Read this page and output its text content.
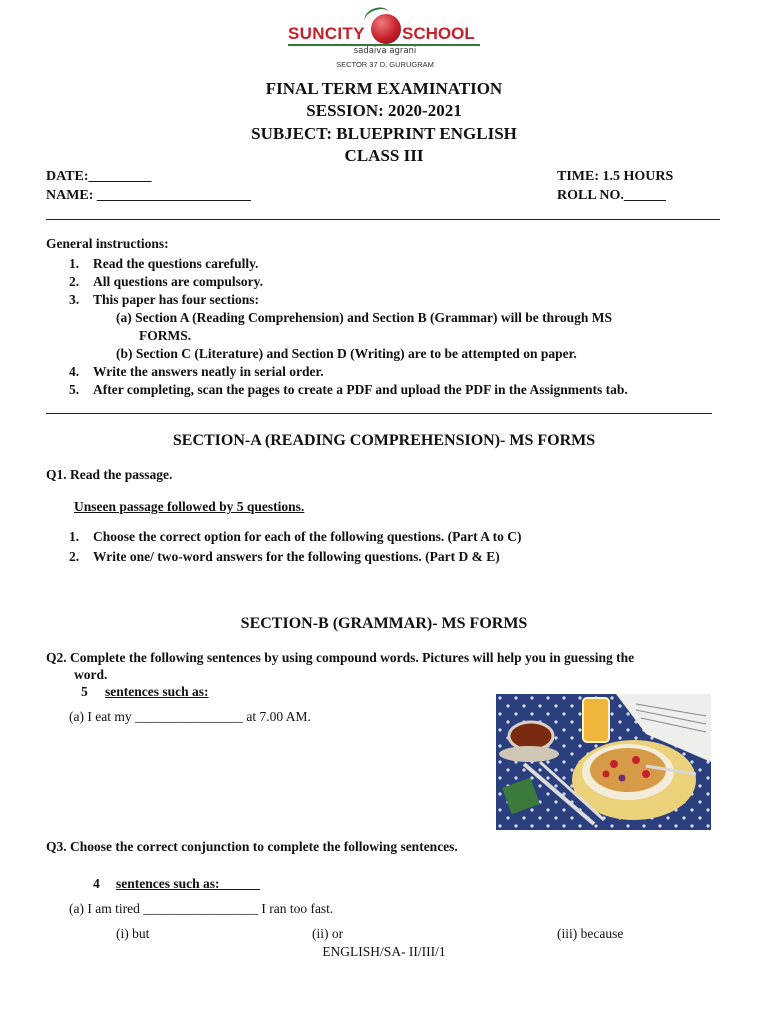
SUNCITY SCHOOL
sadaiva agrani
SECTOR 37 D, GURUGRAM
FINAL TERM EXAMINATION
SESSION: 2020-2021
SUBJECT: BLUEPRINT ENGLISH
CLASS III
DATE:_________	TIME: 1.5 HOURS
NAME: ______________________	ROLL NO.______
General instructions:
1. Read the questions carefully.
2. All questions are compulsory.
3. This paper has four sections:
(a) Section A (Reading Comprehension) and Section B (Grammar) will be through MS
FORMS.
(b) Section C (Literature) and Section D (Writing) are to be attempted on paper.
4. Write the answers neatly in serial order.
5. After completing, scan the pages to create a PDF and upload the PDF in the Assignments tab.
SECTION-A (READING COMPREHENSION)- MS FORMS
Q1. Read the passage.
Unseen passage followed by 5 questions.
1. Choose the correct option for each of the following questions. (Part A to C)
2. Write one/ two-word answers for the following questions. (Part D & E)
SECTION-B (GRAMMAR)- MS FORMS
Q2. Complete the following sentences by using compound words. Pictures will help you in guessing the
word.
5 sentences such as:
(a) I eat my ________________ at 7.00 AM.
Q3. Choose the correct conjunction to complete the following sentences.
4 sentences such as:______
(a) I am tired _________________ I ran too fast.
(i) but	(ii) or	(iii) because
ENGLISH/SA- II/III/1
